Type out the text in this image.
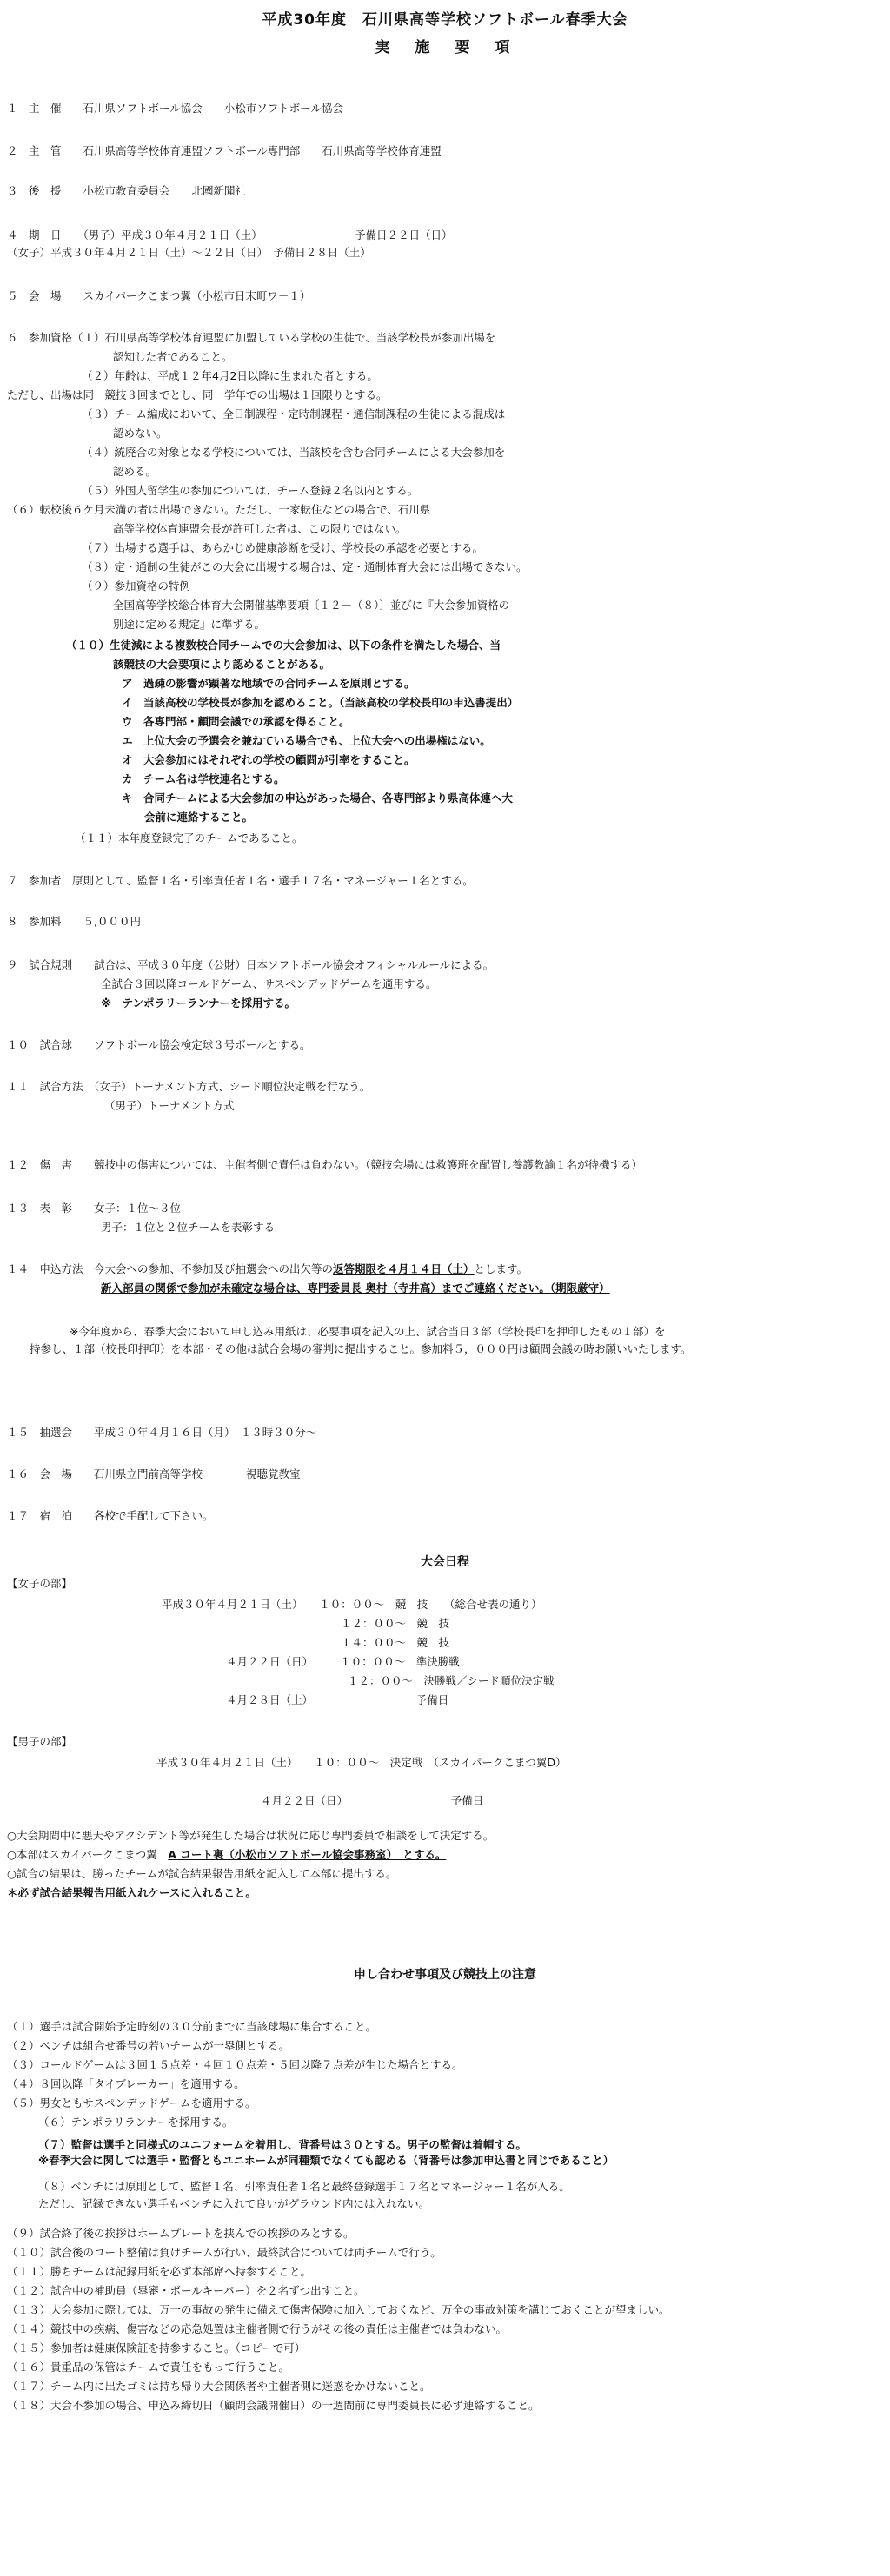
平成30年度　石川県高等学校ソフトボール春季大会
実　施　要　項
１　主　催　　石川県ソフトボール協会　　小松市ソフトボール協会
２　主　管　　石川県高等学校体育連盟ソフトボール専門部　　石川県高等学校体育連盟
３　後　援　　小松市教育委員会　　北國新聞社
４　期　日　　（男子）平成３０年４月２１日（土）　　　　　　　　　予備日２２日（日）
（女子）平成３０年４月２１日（土）～２２日（日）　予備日２８日（土）
５　会　場　　スカイパークこまつ翼（小松市日末町ワ－１）
６　参加資格（１）石川県高等学校体育連盟に加盟している学校の生徒で、当該学校長が参加出場を
認知した者であること。
（２）年齢は、平成１２年4月2日以降に生まれた者とする。
ただし、出場は同一競技３回までとし、同一学年での出場は１回限りとする。
（３）チーム編成において、全日制課程・定時制課程・通信制課程の生徒による混成は
認めない。
（４）統廃合の対象となる学校については、当該校を含む合同チームによる大会参加を
認める。
（５）外国人留学生の参加については、チーム登録２名以内とする。
（６）転校後６ケ月未満の者は出場できない。ただし、一家転住などの場合で、石川県
高等学校体育連盟会長が許可した者は、この限りではない。
（７）出場する選手は、あらかじめ健康診断を受け、学校長の承認を必要とする。
（８）定・通制の生徒がこの大会に出場する場合は、定・通制体育大会には出場できない。
（９）参加資格の特例
全国高等学校総合体育大会開催基準要項〔１２－（８）〕並びに『大会参加資格の
別途に定める規定』に準ずる。
（１０）生徒減による複数校合同チームでの大会参加は、以下の条件を満たした場合、当
該競技の大会要項により認めることがある。
ア　過疎の影響が顕著な地域での合同チームを原則とする。
イ　当該高校の学校長が参加を認めること。（当該高校の学校長印の申込書提出）
ウ　各専門部・顧問会議での承認を得ること。
エ　上位大会の予選会を兼ねている場合でも、上位大会への出場権はない。
オ　大会参加にはそれぞれの学校の顧問が引率をすること。
カ　チーム名は学校連名とする。
キ　合同チームによる大会参加の申込があった場合、各専門部より県高体連へ大
会前に連絡すること。
（１１）本年度登録完了のチームであること。
７　参加者　原則として、監督１名・引率責任者１名・選手１７名・マネージャー１名とする。
８　参加料　　５,０００円
９　試合規則　　試合は、平成３０年度（公財）日本ソフトボール協会オフィシャルルールによる。
全試合３回以降コールドゲーム、サスペンデッドゲームを適用する。
※　テンポラリーランナーを採用する。
１０　試合球　　ソフトボール協会検定球３号ボールとする。
１１　試合方法　（女子）トーナメント方式、シード順位決定戦を行なう。
（男子）トーナメント方式
１２　傷　害　　競技中の傷害については、主催者側で責任は負わない。（競技会場には救護班を配置し養護教諭１名が待機する）
１３　表　彰　　女子：１位～３位
男子：１位と２位チームを表彰する
１４　申込方法　今大会への参加、不参加及び抽選会への出欠等の返答期限を４月１４日（土）とします。
新入部員の関係で参加が未確定な場合は、専門委員長 奥村（寺井高）までご連絡ください。（期限厳守）
※今年度から、春季大会において申し込み用紙は、必要事項を記入の上、試合当日３部（学校長印を押印したもの１部）を
持参し、１部（校長印押印）を本部・その他は試合会場の審判に提出すること。参加料５，０００円は顧問会議の時お願いいたします。
１５　抽選会　　平成３０年４月１６日（月）　１３時３０分～
１６　会　場　　石川県立門前高等学校　　　　視聴覚教室
１７　宿　泊　　各校で手配して下さい。
大会日程
【女子の部】
平成３０年４月２１日（土）　　１０：００～　競　技　　（総合せ表の通り）
１２：００～　競　技
１４：００～　競　技
４月２２日（日）　　　１０：００～　準決勝戦
１２：００～　決勝戦／シード順位決定戦
４月２８日（土）　　　　　　　　　　予備日
【男子の部】
平成３０年４月２１日（土）　　１０：００～　決定戦　（スカイパークこまつ翼D）
４月２２日（日）　　　　　　　　　　予備日
○大会期間中に悪天やアクシデント等が発生した場合は状況に応じ専門委員で相談をして決定する。
○本部はスカイパークこまつ翼　A コート裏（小松市ソフトボール協会事務室）　とする。
○試合の結果は、勝ったチームが試合結果報告用紙を記入して本部に提出する。
＊必ず試合結果報告用紙入れケースに入れること。
申し合わせ事項及び競技上の注意
（１）選手は試合開始予定時刻の３０分前までに当該球場に集合すること。
（２）ベンチは組合せ番号の若いチームが一塁側とする。
（３）コールドゲームは３回１５点差・４回１０点差・５回以降７点差が生じた場合とする。
（４）８回以降「タイブレーカー」を適用する。
（５）男女ともサスペンデッドゲームを適用する。
（６）テンポラリランナーを採用する。
（７）監督は選手と同様式のユニフォームを着用し、背番号は３０とする。男子の監督は着帽する。
※春季大会に関しては選手・監督ともユニホームが同種類でなくても認める（背番号は参加申込書と同じであること）
（８）ベンチには原則として、監督１名、引率責任者１名と最終登録選手１７名とマネージャー１名が入る。
ただし、記録できない選手もベンチに入れて良いがグラウンド内には入れない。
（９）試合終了後の挨拶はホームプレートを挟んでの挨拶のみとする。
（１０）試合後のコート整備は負けチームが行い、最終試合については両チームで行う。
（１１）勝ちチームは記録用紙を必ず本部席へ持参すること。
（１２）試合中の補助員（塁審・ボールキーパー）を２名ずつ出すこと。
（１３）大会参加に際しては、万一の事故の発生に備えて傷害保険に加入しておくなど、万全の事故対策を講じておくことが望ましい。
（１４）競技中の疾病、傷害などの応急処置は主催者側で行うがその後の責任は主催者では負わない。
（１５）参加者は健康保険証を持参すること。（コピーで可）
（１６）貴重品の保管はチームで責任をもって行うこと。
（１７）チーム内に出たゴミは持ち帰り大会関係者や主催者側に迷惑をかけないこと。
（１８）大会不参加の場合、申込み締切日（顧問会議開催日）の一週間前に専門委員長に必ず連絡すること。
